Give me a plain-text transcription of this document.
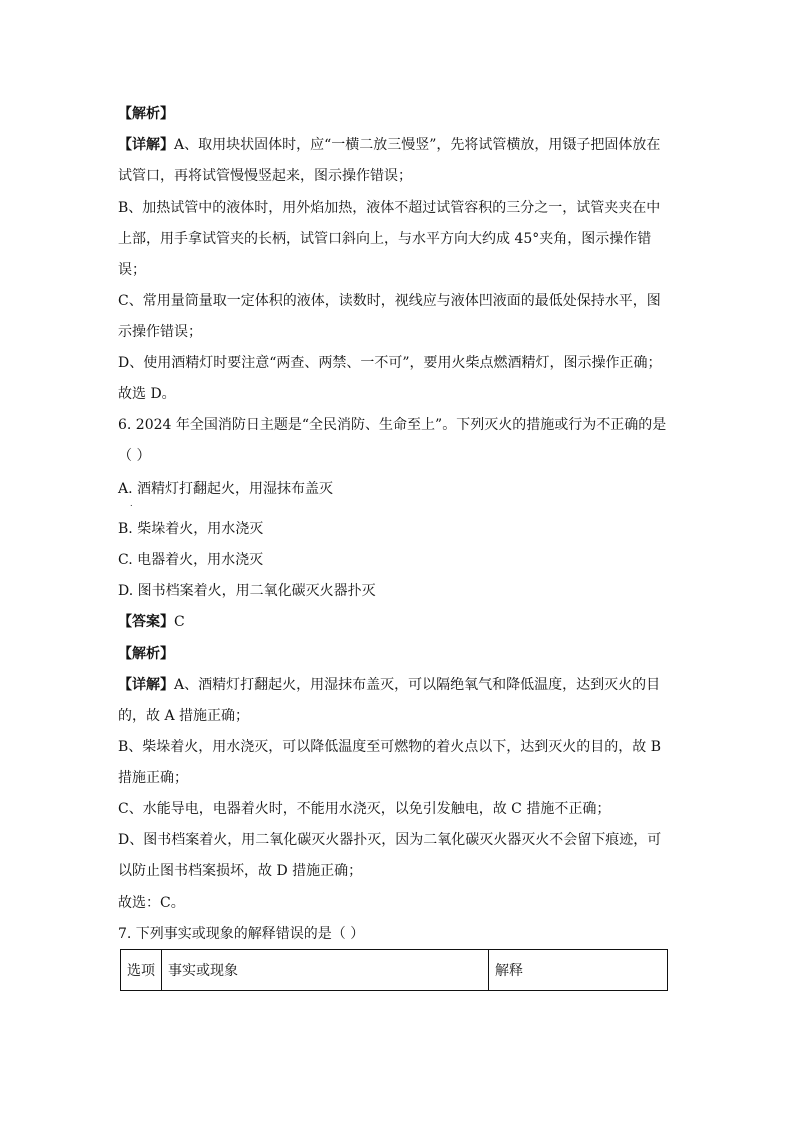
【解析】
【详解】A、取用块状固体时，应“一横二放三慢竖”，先将试管横放，用镊子把固体放在
试管口，再将试管慢慢竖起来，图示操作错误；
B、加热试管中的液体时，用外焰加热，液体不超过试管容积的三分之一，试管夹夹在中
上部，用手拿试管夹的长柄，试管口斜向上，与水平方向大约成 45°夹角，图示操作错
误；
C、常用量筒量取一定体积的液体，读数时，视线应与液体凹液面的最低处保持水平，图
示操作错误；
D、使用酒精灯时要注意“两查、两禁、一不可”，要用火柴点燃酒精灯，图示操作正确；
故选 D。
6. 2024 年全国消防日主题是“全民消防、生命至上”。下列灭火的措施或行为不正确的是
（ ）
A. 酒精灯打翻起火，用湿抹布盖灭
.
B. 柴垛着火，用水浇灭
C. 电器着火，用水浇灭
D. 图书档案着火，用二氧化碳灭火器扑灭
【答案】C
【解析】
【详解】A、酒精灯打翻起火，用湿抹布盖灭，可以隔绝氧气和降低温度，达到灭火的目
的，故 A 措施正确；
B、柴垛着火，用水浇灭，可以降低温度至可燃物的着火点以下，达到灭火的目的，故 B
措施正确；
C、水能导电，电器着火时，不能用水浇灭，以免引发触电，故 C 措施不正确；
D、图书档案着火，用二氧化碳灭火器扑灭，因为二氧化碳灭火器灭火不会留下痕迹，可
以防止图书档案损坏，故 D 措施正确；
故选：C。
7. 下列事实或现象的解释错误的是（ ）
选项	事实或现象	解释
